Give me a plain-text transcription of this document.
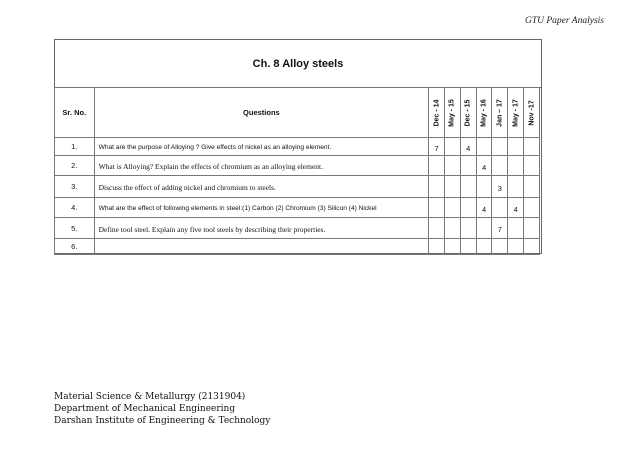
GTU Paper Analysis
Ch. 8 Alloy steels
Sr. No.	Questions	Dec - 14	May - 15	Dec - 15	May - 16	Jan – 17	May - 17	Nov -17

1.	What are the purpose of Alloying ? Give effects of nickel as an alloying element.	7		4				
2.	What is Alloying? Explain the effects of chromium as an alloying element.				4			
3.	Discuss the effect of adding nickel and chromium to steels.					3		
4.	What are the effect of following elements in steel:(1) Carbon (2) Chromium (3) Silicon (4) Nickel				4		4	
5.	Define tool steel. Explain any five tool steels by describing their properties.					7		
6.								
Material Science & Metallurgy (2131904)
Department of Mechanical Engineering
Darshan Institute of Engineering & Technology
